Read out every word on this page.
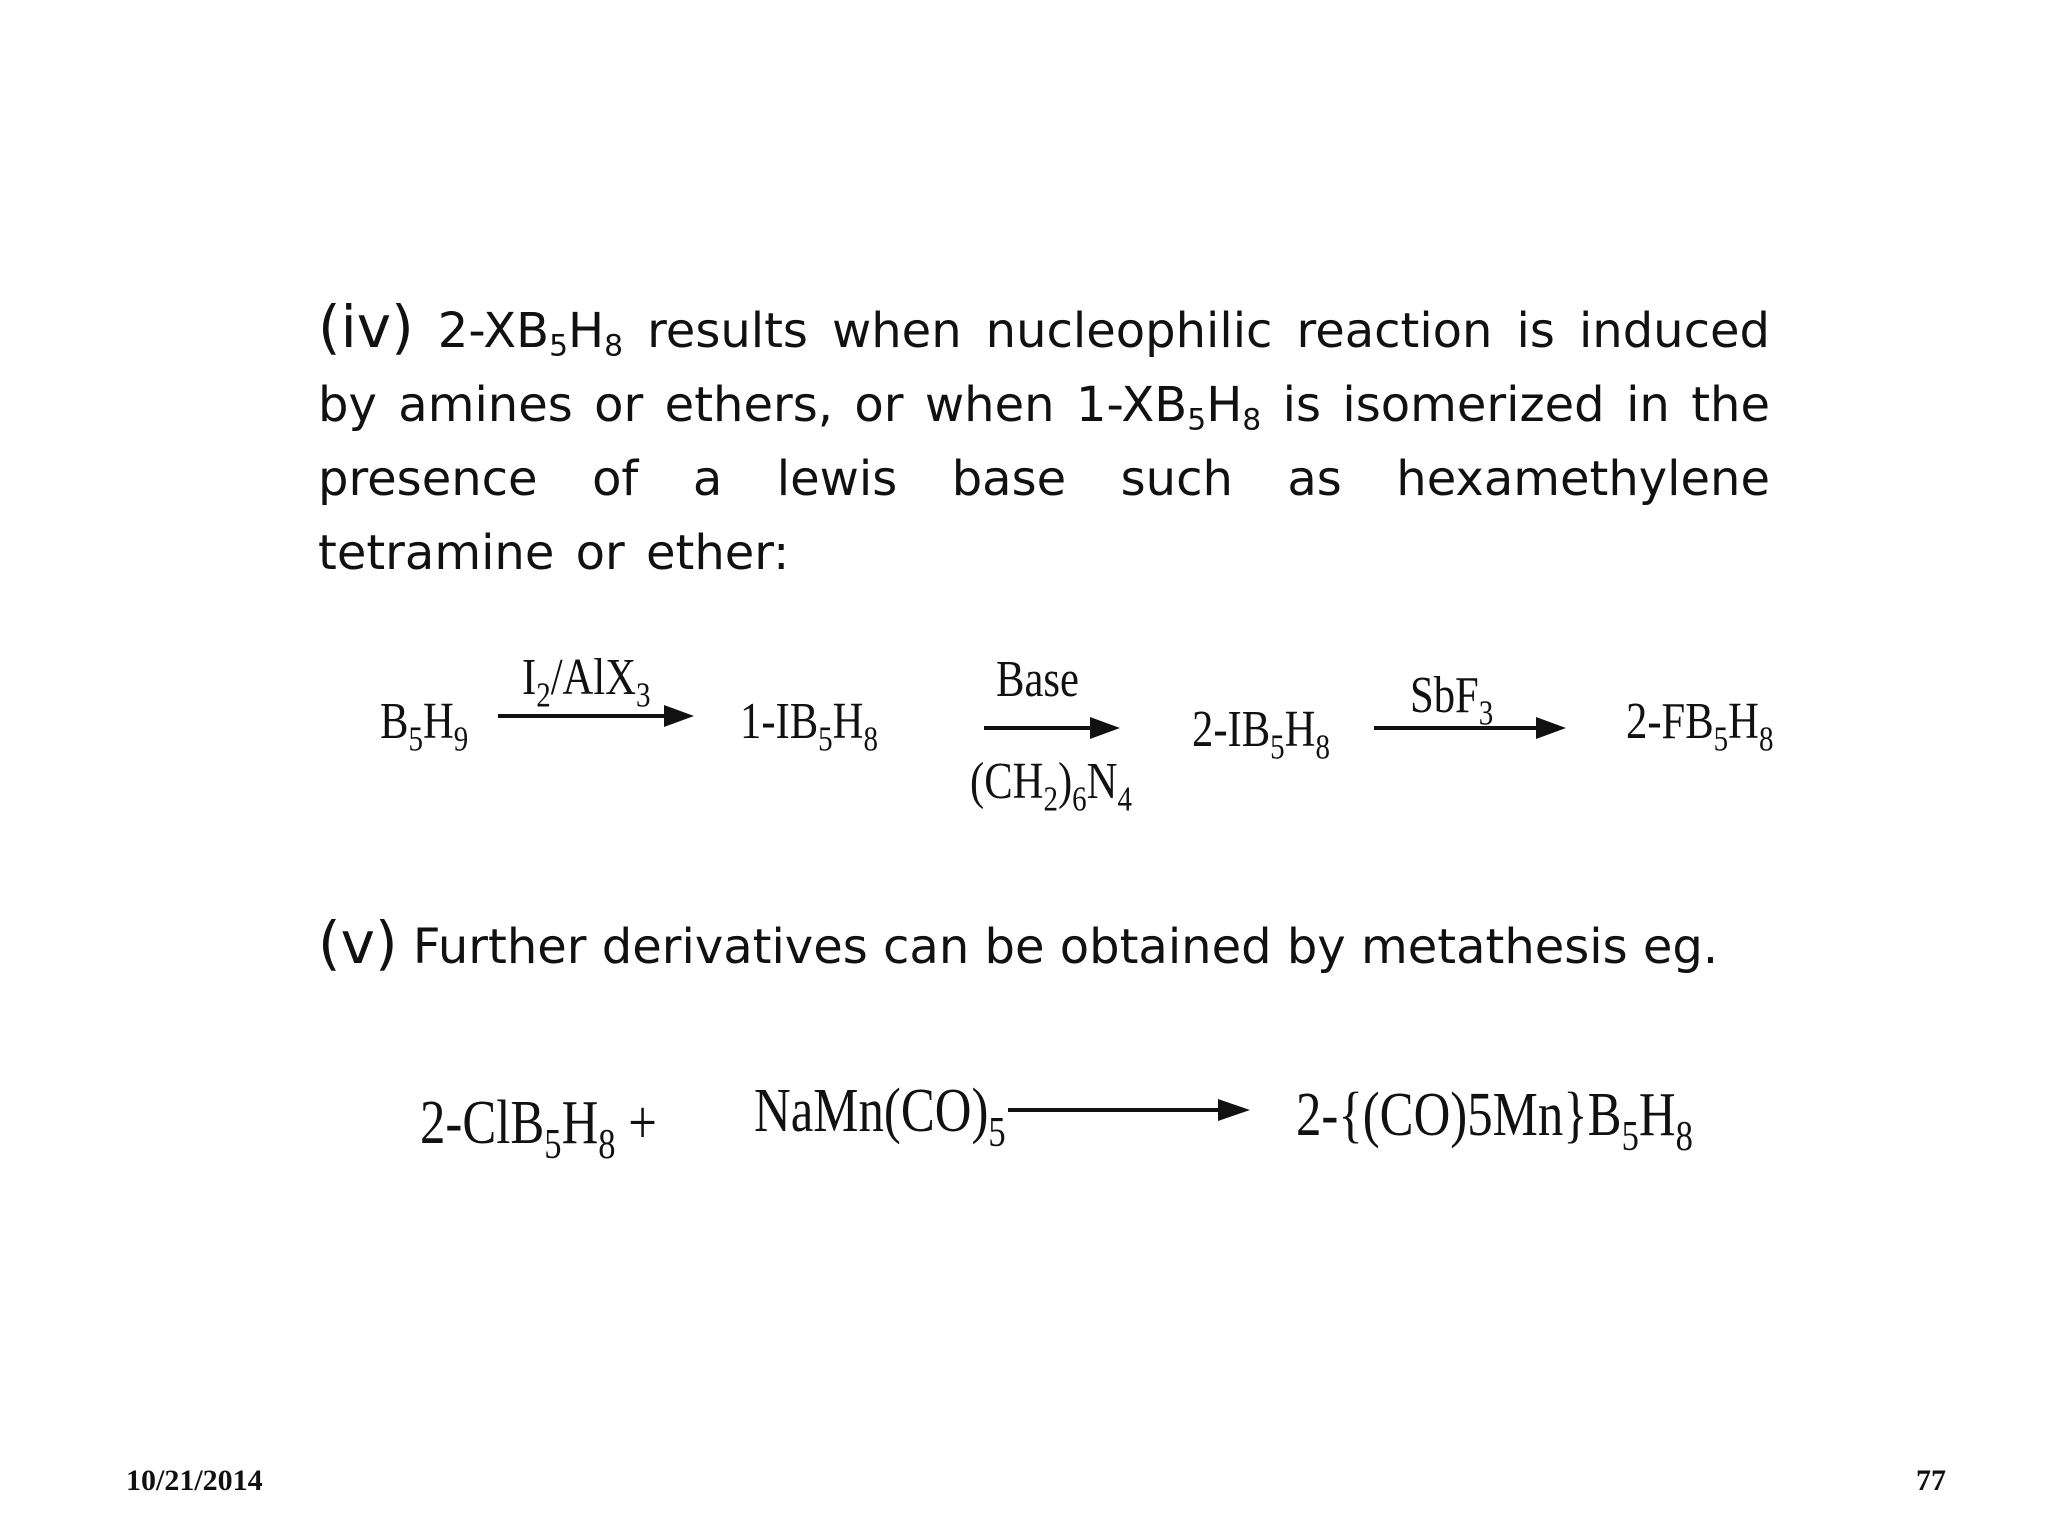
(iv) $2-XB_5H_8$ results when nucleophilic reaction is induced by amines or ethers, or when $1-XB_5H_8$ is isomerized in the presence of a lewis base such as hexamethylene tetramine or ether:

$B_5H_9$
$I_2/AlX_3$ $1-IB_5H_8$
Base
$(CH_2)_6N_4$
$2-IB_5H_8$
SbF$_3$	$2-FB_5H_8$

(v) Further derivatives can be obtained by metathesis eg.

$2-ClB_5H_8$ + $NaMn(CO)_5$	$2-\{(CO)5Mn\}B_5H_8$
10/21/2014	77
